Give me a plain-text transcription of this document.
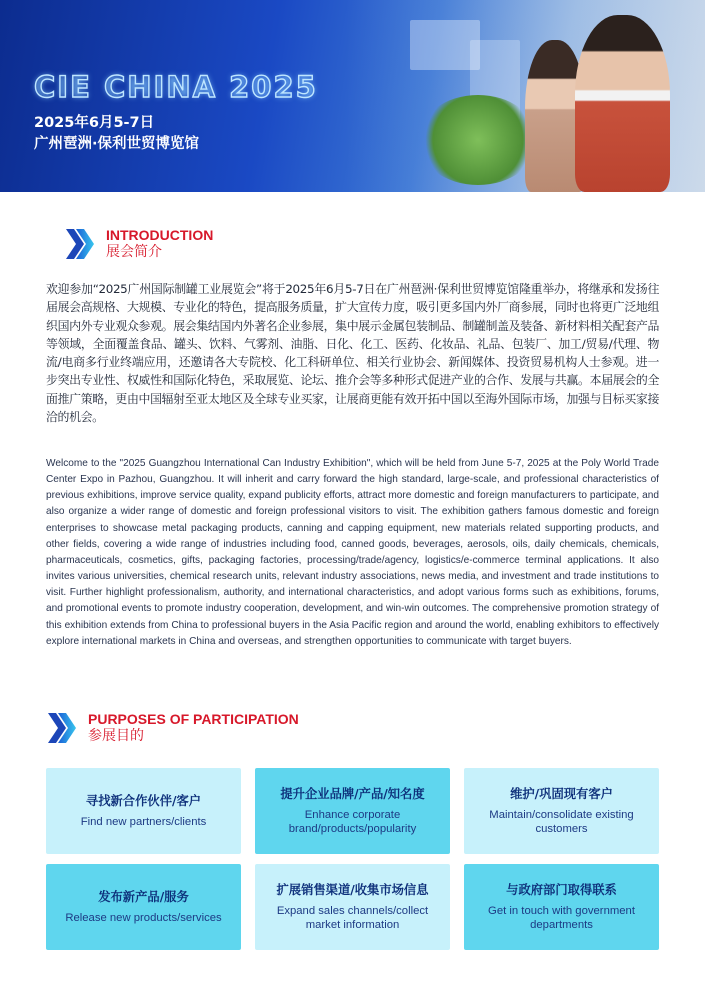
CIE CHINA 2025
2025年6月5-7日
广州琶洲·保利世贸博览馆
INTRODUCTION
展会简介

欢迎参加“2025广州国际制罐工业展览会”将于2025年6月5-7日在广州琶洲·保利世贸博览馆隆重举办，将继承和发扬往届展会高规格、大规模、专业化的特色，提高服务质量，扩大宣传力度，吸引更多国内外厂商参展，同时也将更广泛地组织国内外专业观众参观。展会集结国内外著名企业参展，集中展示金属包装制品、制罐制盖及装备、新材料相关配套产品等领域，全面覆盖食品、罐头、饮料、气雾剂、油脂、日化、化工、医药、化妆品、礼品、包装厂、加工/贸易/代理、物流/电商多行业终端应用，还邀请各大专院校、化工科研单位、相关行业协会、新闻媒体、投资贸易机构人士参观。进一步突出专业性、权威性和国际化特色，采取展览、论坛、推介会等多种形式促进产业的合作、发展与共赢。本届展会的全面推广策略，更由中国辐射至亚太地区及全球专业买家，让展商更能有效开拓中国以至海外国际市场，加强与目标买家接洽的机会。

Welcome to the "2025 Guangzhou International Can Industry Exhibition", which will be held from June 5-7, 2025 at the Poly World Trade Center Expo in Pazhou, Guangzhou. It will inherit and carry forward the high standard, large-scale, and professional characteristics of previous exhibitions, improve service quality, expand publicity efforts, attract more domestic and foreign manufacturers to participate, and also organize a wider range of domestic and foreign professional visitors to visit. The exhibition gathers famous domestic and foreign enterprises to showcase metal packaging products, canning and capping equipment, new materials related supporting products, and other fields, covering a wide range of industries including food, canned goods, beverages, aerosols, oils, daily chemicals, chemicals, pharmaceuticals, cosmetics, gifts, packaging factories, processing/trade/agency, logistics/e-commerce terminal applications. It also invites various universities, chemical research units, relevant industry associations, news media, and investment and trade institutions to visit. Further highlight professionalism, authority, and international characteristics, and adopt various forms such as exhibitions, forums, and promotional events to promote industry cooperation, development, and win-win outcomes. The comprehensive promotion strategy of this exhibition extends from China to professional buyers in the Asia Pacific region and around the world, enabling exhibitors to effectively explore international markets in China and overseas, and strengthen opportunities to communicate with target buyers.

PURPOSES OF PARTICIPATION
参展目的
寻找新合作伙伴/客户
Find new partners/clients
提升企业品牌/产品/知名度
Enhance corporate brand/products/popularity
维护/巩固现有客户
Maintain/consolidate existing customers
发布新产品/服务
Release new products/services
扩展销售渠道/收集市场信息
Expand sales channels/collect market information
与政府部门取得联系
Get in touch with government departments
